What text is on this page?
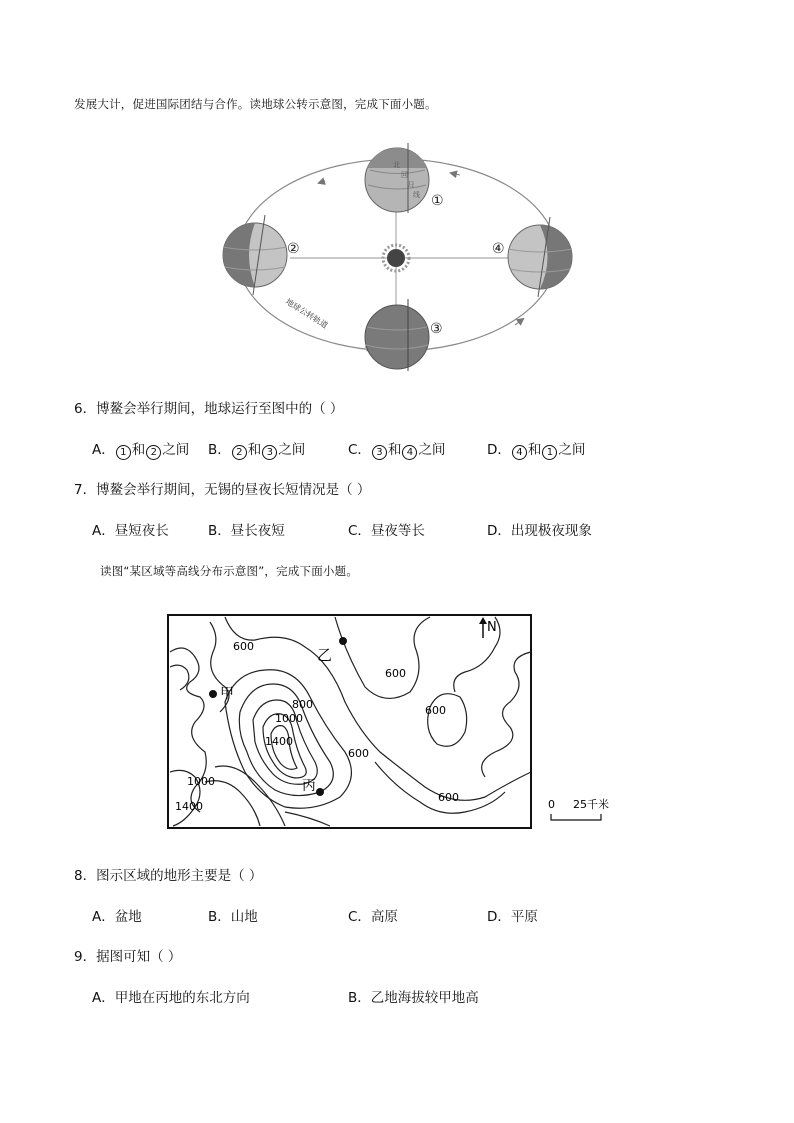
发展大计，促进国际团结与合作。读地球公转示意图，完成下面小题。
北
回
归
线 ①
②	④
③
地球公转轨道
6．博鳌会举行期间，地球运行至图中的（ ）
A． 1 和 2 之间 B． 2 和 3 之间	C． 3 和 4 之间	D． 4 和 1 之间
7．博鳌会举行期间，无锡的昼夜长短情况是（ ）
A．昼短夜长	B．昼长夜短	C．昼夜等长	D．出现极夜现象
读图“某区域等高线分布示意图”，完成下面小题。
甲
乙
丙
600
600
600
600
600
800
1000
1400
1000
1400
N
0 25千米
8．图示区域的地形主要是（ ）
A．盆地	B．山地	C．高原	D．平原
9．据图可知（ ）
A．甲地在丙地的东北方向	B．乙地海拔较甲地高
